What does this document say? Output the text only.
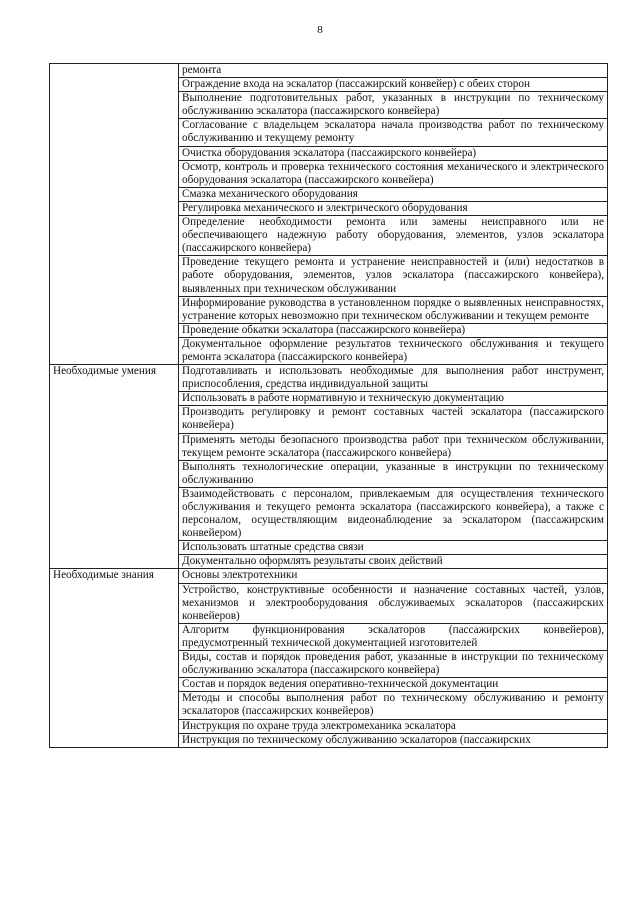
8
	ремонта
	Ограждение входа на эскалатор (пассажирский конвейер) с обеих сторон
	Выполнение подготовительных работ, указанных в инструкции по техническому обслуживанию эскалатора (пассажирского конвейера)
	Согласование с владельцем эскалатора начала производства работ по техническому обслуживанию и текущему ремонту
	Очистка оборудования эскалатора (пассажирского конвейера)
	Осмотр, контроль и проверка технического состояния механического и электрического оборудования эскалатора (пассажирского конвейера)
	Смазка механического оборудования
	Регулировка механического и электрического оборудования
	Определение необходимости ремонта или замены неисправного или не обеспечивающего надежную работу оборудования, элементов, узлов эскалатора (пассажирского конвейера)
	Проведение текущего ремонта и устранение неисправностей и (или) недостатков в работе оборудования, элементов, узлов эскалатора (пассажирского конвейера), выявленных при техническом обслуживании
	Информирование руководства в установленном порядке о выявленных неисправностях, устранение которых невозможно при техническом обслуживании и текущем ремонте
	Проведение обкатки эскалатора (пассажирского конвейера)
	Документальное оформление результатов технического обслуживания и текущего ремонта эскалатора (пассажирского конвейера)
Необходимые умения	Подготавливать и использовать необходимые для выполнения работ инструмент, приспособления, средства индивидуальной защиты
	Использовать в работе нормативную и техническую документацию
	Производить регулировку и ремонт составных частей эскалатора (пассажирского конвейера)
	Применять методы безопасного производства работ при техническом обслуживании, текущем ремонте эскалатора (пассажирского конвейера)
	Выполнять технологические операции, указанные в инструкции по техническому обслуживанию
	Взаимодействовать с персоналом, привлекаемым для осуществления технического обслуживания и текущего ремонта эскалатора (пассажирского конвейера), а также с персоналом, осуществляющим видеонаблюдение за эскалатором (пассажирским конвейером)
	Использовать штатные средства связи
	Документально оформлять результаты своих действий
Необходимые знания	Основы электротехники
	Устройство, конструктивные особенности и назначение составных частей, узлов, механизмов и электрооборудования обслуживаемых эскалаторов (пассажирских конвейеров)
	Алгоритм функционирования эскалаторов (пассажирских конвейеров), предусмотренный технической документацией изготовителей
	Виды, состав и порядок проведения работ, указанные в инструкции по техническому обслуживанию эскалатора (пассажирского конвейера)
	Состав и порядок ведения оперативно-технической документации
	Методы и способы выполнения работ по техническому обслуживанию и ремонту эскалаторов (пассажирских конвейеров)
	Инструкция по охране труда электромеханика эскалатора
	Инструкция по техническому обслуживанию эскалаторов (пассажирских
